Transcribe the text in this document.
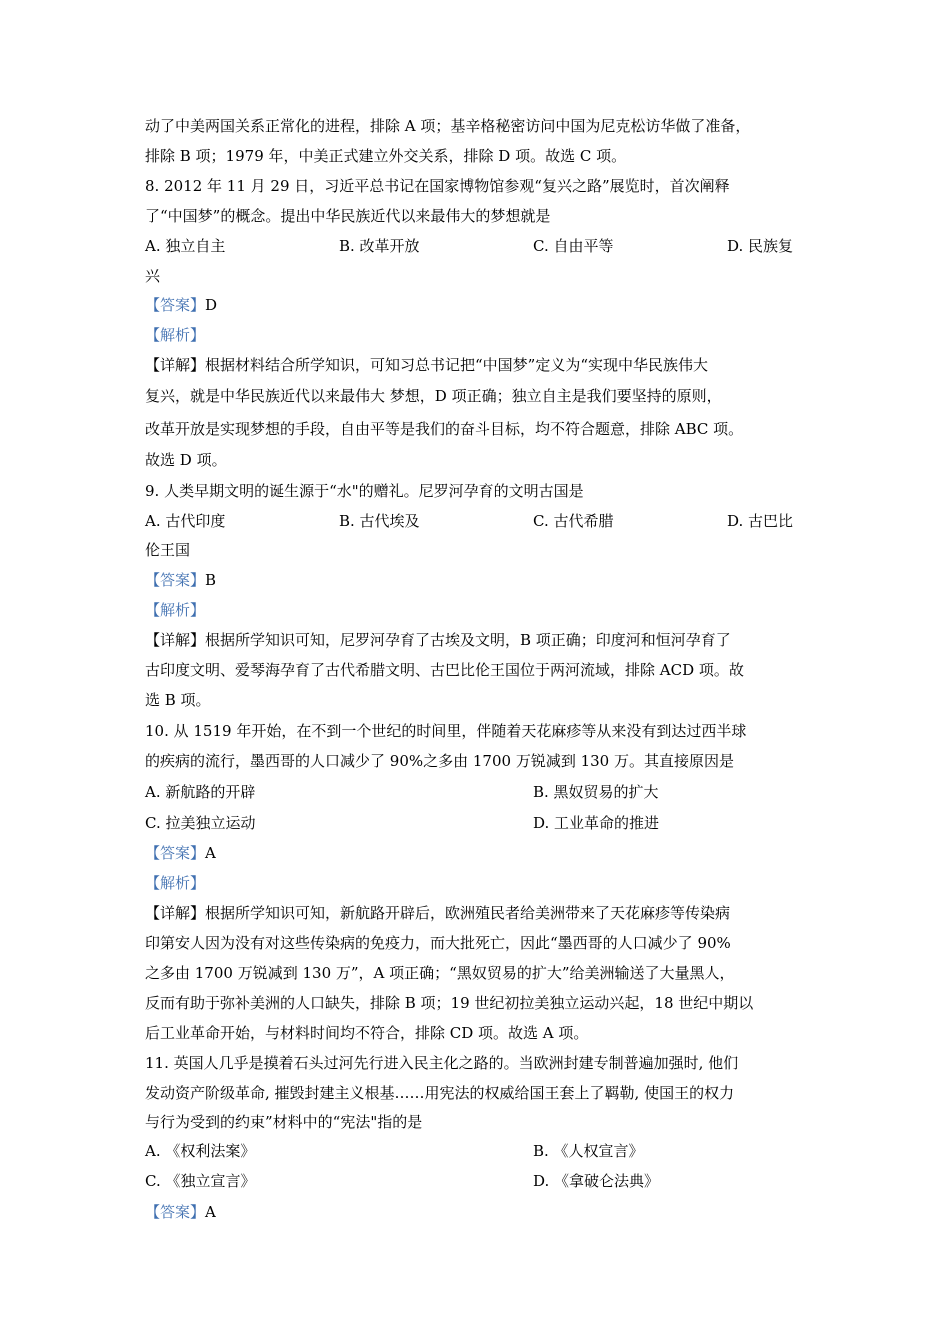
动了中美两国关系正常化的进程，排除 A 项；基辛格秘密访问中国为尼克松访华做了准备，
排除 B 项；1979 年，中美正式建立外交关系，排除 D 项。故选 C 项。
8. 2012 年 11 月 29 日，习近平总书记在国家博物馆参观“复兴之路”展览时，首次阐释
了“中国梦”的概念。提出中华民族近代以来最伟大的梦想就是
A. 独立自主	B. 改革开放	C. 自由平等	D. 民族复
兴
【答案】D
【解析】
【详解】根据材料结合所学知识，可知习总书记把“中国梦”定义为“实现中华民族伟大
复兴，就是中华民族近代以来最伟大 梦想，D 项正确；独立自主是我们要坚持的原则，
改革开放是实现梦想的手段，自由平等是我们的奋斗目标，均不符合题意，排除 ABC 项。
故选 D 项。
9. 人类早期文明的诞生源于“水"的赠礼。尼罗河孕育的文明古国是
A. 古代印度	B. 古代埃及	C. 古代希腊	D. 古巴比
伦王国
【答案】B
【解析】
【详解】根据所学知识可知，尼罗河孕育了古埃及文明，B 项正确；印度河和恒河孕育了
古印度文明、爱琴海孕育了古代希腊文明、古巴比伦王国位于两河流域，排除 ACD 项。故
选 B 项。
10. 从 1519 年开始，在不到一个世纪的时间里，伴随着天花麻疹等从来没有到达过西半球
的疾病的流行，墨西哥的人口减少了 90%之多由 1700 万锐减到 130 万。其直接原因是
A. 新航路的开辟	B. 黑奴贸易的扩大
C. 拉美独立运动	D. 工业革命的推进
【答案】A
【解析】
【详解】根据所学知识可知，新航路开辟后，欧洲殖民者给美洲带来了天花麻疹等传染病
印第安人因为没有对这些传染病的免疫力，而大批死亡，因此“墨西哥的人口减少了 90%
之多由 1700 万锐减到 130 万”，A 项正确；“黑奴贸易的扩大”给美洲输送了大量黑人，
反而有助于弥补美洲的人口缺失，排除 B 项；19 世纪初拉美独立运动兴起，18 世纪中期以
后工业革命开始，与材料时间均不符合，排除 CD 项。故选 A 项。
11. 英国人几乎是摸着石头过河先行进入民主化之路的。当欧洲封建专制普遍加强时, 他们
发动资产阶级革命, 摧毁封建主义根基……用宪法的权威给国王套上了羁勒, 使国王的权力
与行为受到的约束”材料中的“宪法"指的是
A. 《权利法案》	B. 《人权宣言》
C. 《独立宣言》	D. 《拿破仑法典》
【答案】A
